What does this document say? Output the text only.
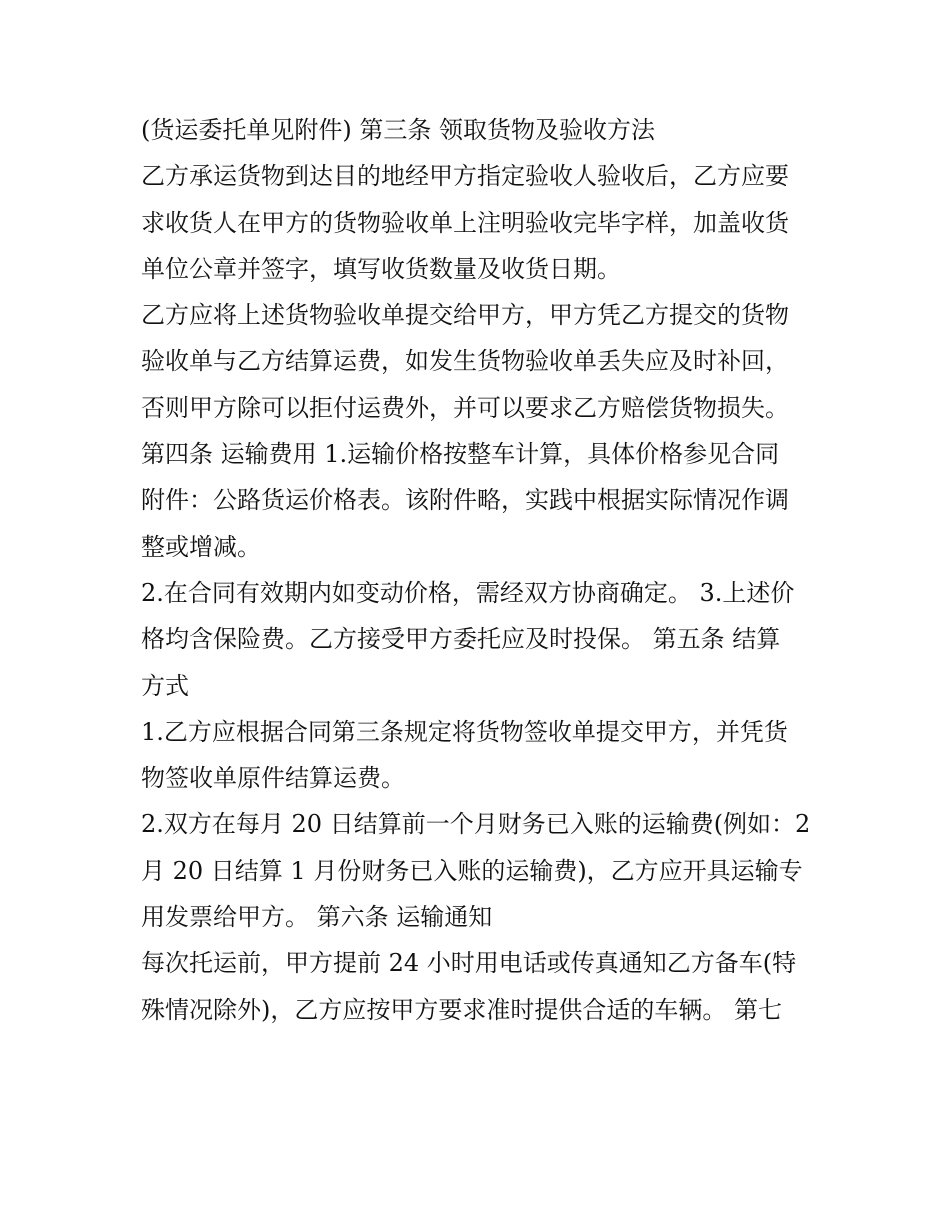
(货运委托单见附件) 第三条 领取货物及验收方法

乙方承运货物到达目的地经甲方指定验收人验收后，乙方应要

求收货人在甲方的货物验收单上注明验收完毕字样，加盖收货

单位公章并签字，填写收货数量及收货日期。

乙方应将上述货物验收单提交给甲方，甲方凭乙方提交的货物

验收单与乙方结算运费，如发生货物验收单丢失应及时补回，

否则甲方除可以拒付运费外，并可以要求乙方赔偿货物损失。

第四条 运输费用 1.运输价格按整车计算，具体价格参见合同

附件：公路货运价格表。该附件略，实践中根据实际情况作调

整或增减。

2.在合同有效期内如变动价格，需经双方协商确定。 3.上述价

格均含保险费。乙方接受甲方委托应及时投保。 第五条 结算

方式

1.乙方应根据合同第三条规定将货物签收单提交甲方，并凭货

物签收单原件结算运费。

2.双方在每月 20 日结算前一个月财务已入账的运输费(例如：2

月 20 日结算 1 月份财务已入账的运输费)，乙方应开具运输专

用发票给甲方。 第六条 运输通知

每次托运前，甲方提前 24 小时用电话或传真通知乙方备车(特

殊情况除外)，乙方应按甲方要求准时提供合适的车辆。 第七
